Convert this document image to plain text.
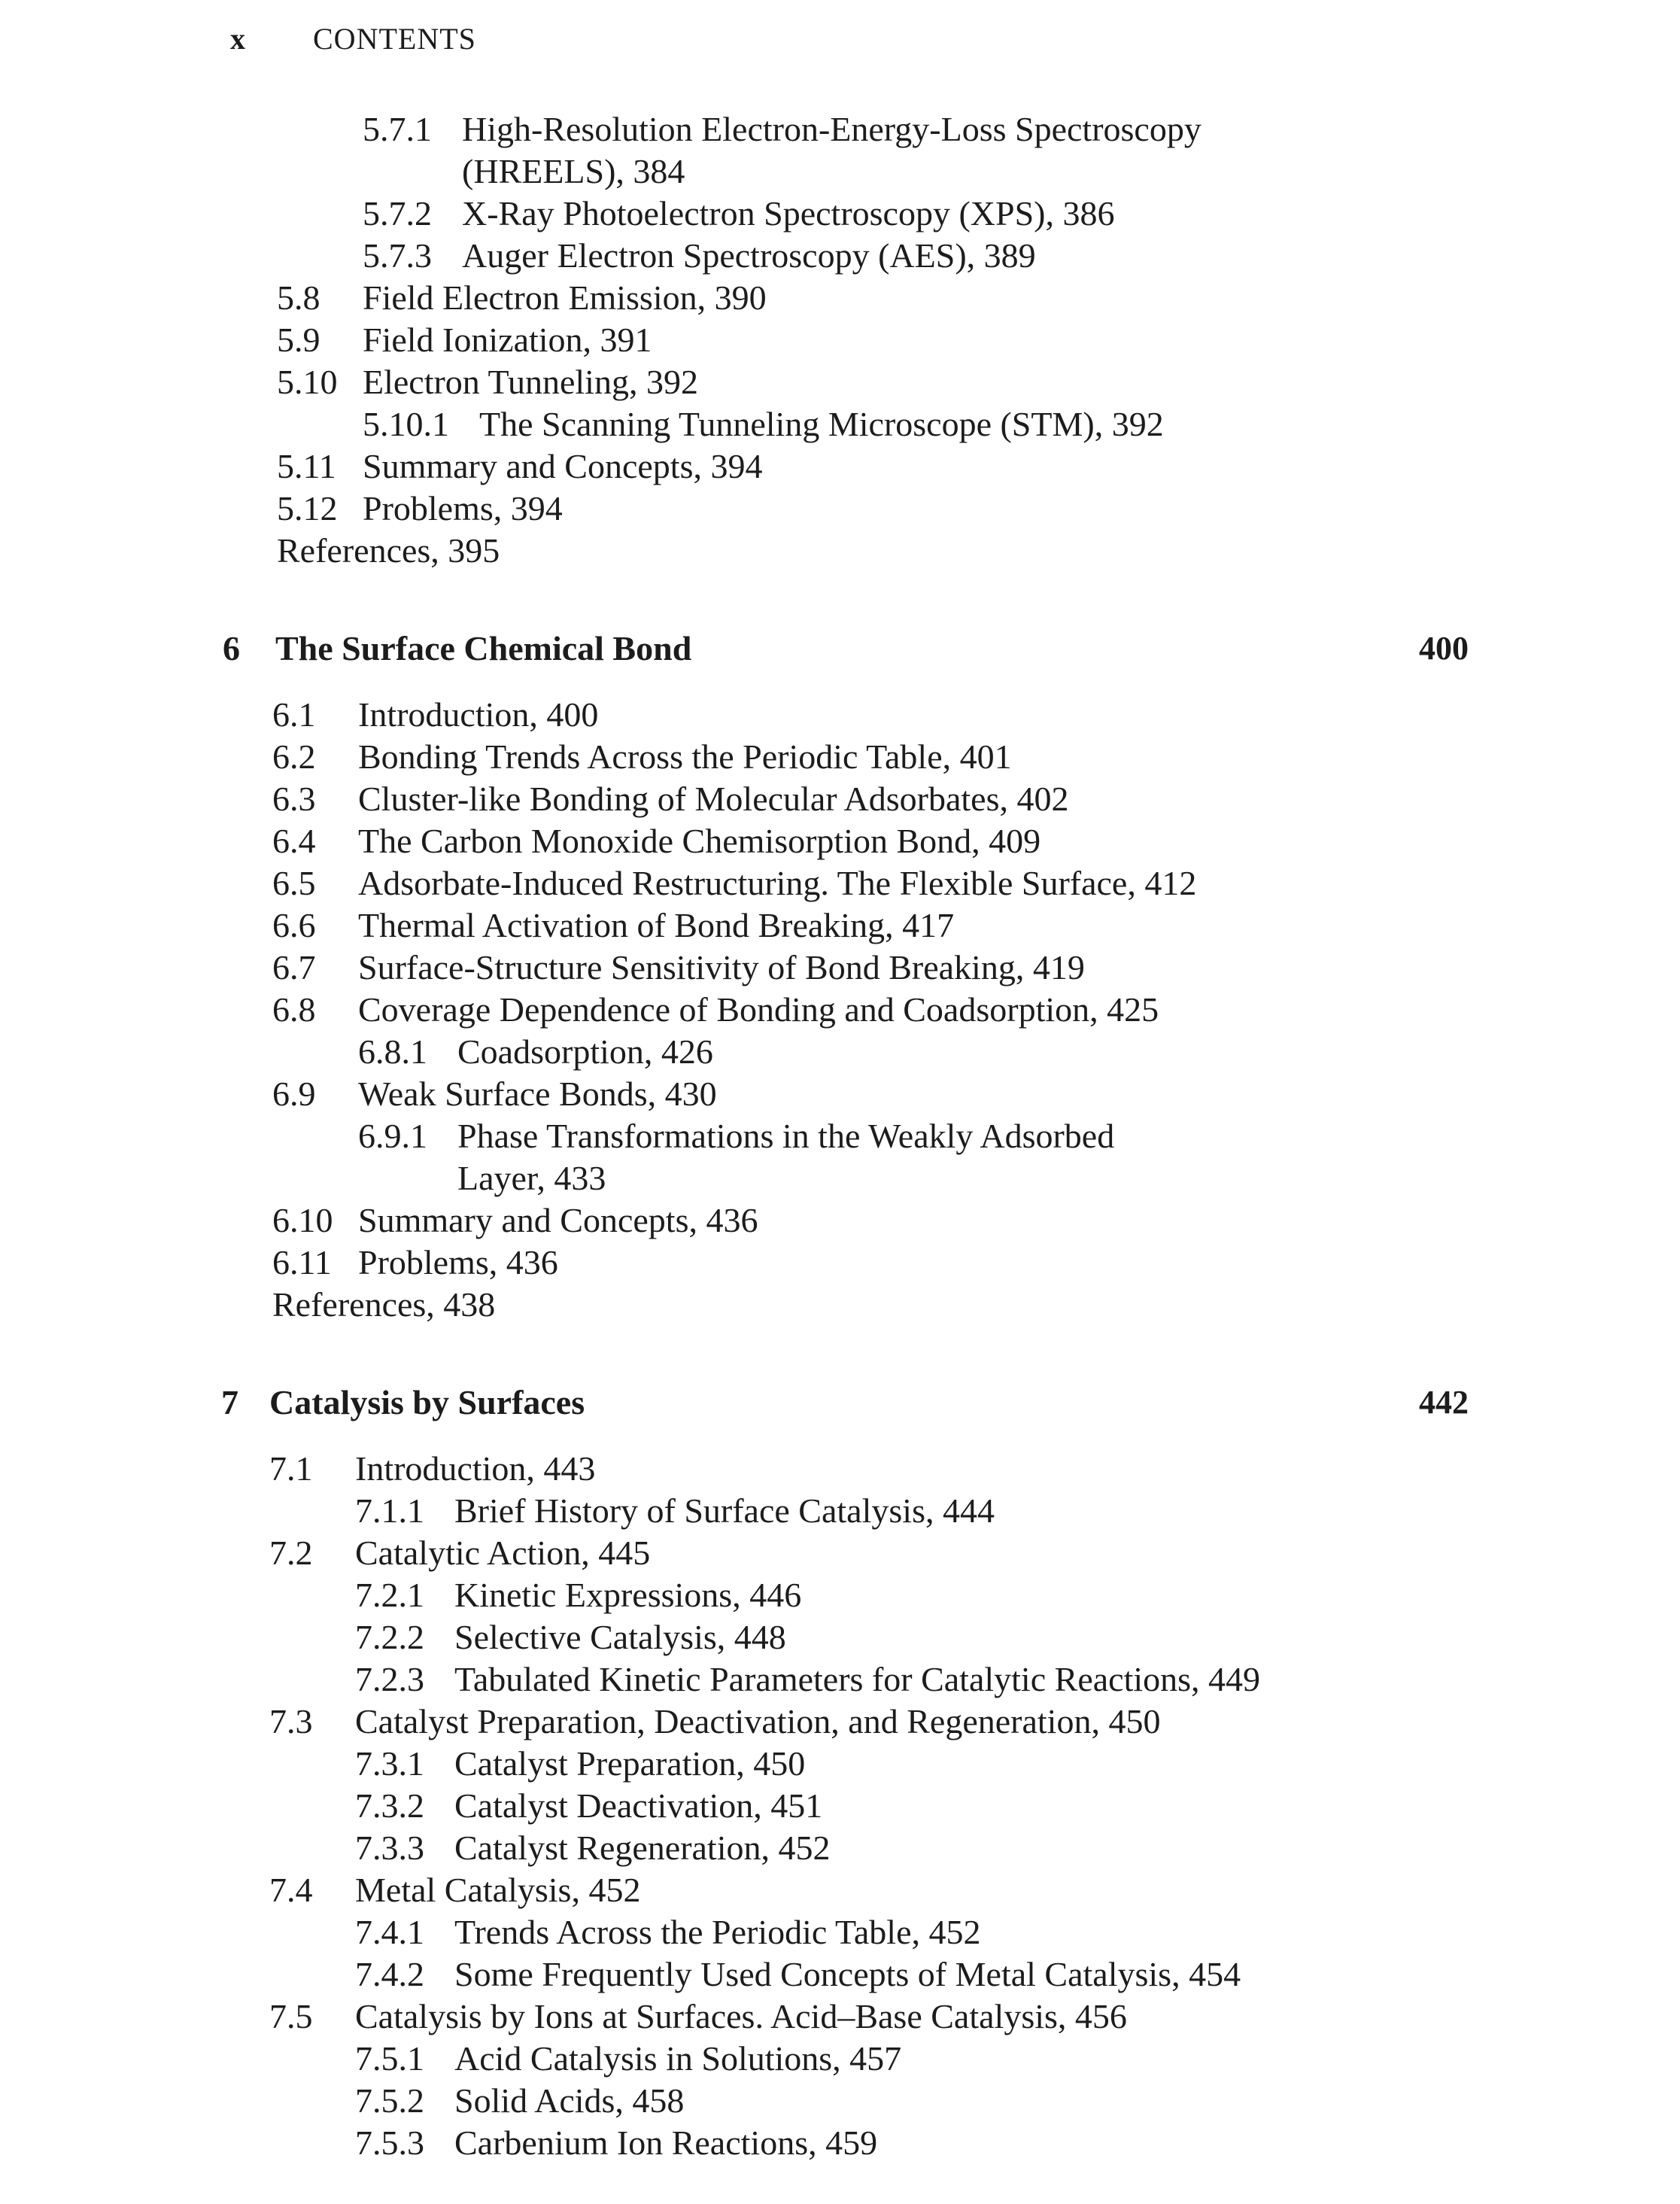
x CONTENTS
5.7.1 High-Resolution Electron-Energy-Loss Spectroscopy
(HREELS), 384
5.7.2 X-Ray Photoelectron Spectroscopy (XPS), 386
5.7.3 Auger Electron Spectroscopy (AES), 389
5.8 Field Electron Emission, 390
5.9 Field Ionization, 391
5.10 Electron Tunneling, 392
5.10.1 The Scanning Tunneling Microscope (STM), 392
5.11 Summary and Concepts, 394
5.12 Problems, 394
References, 395
6 The Surface Chemical Bond	400
6.1 Introduction, 400
6.2 Bonding Trends Across the Periodic Table, 401
6.3 Cluster-like Bonding of Molecular Adsorbates, 402
6.4 The Carbon Monoxide Chemisorption Bond, 409
6.5 Adsorbate-Induced Restructuring. The Flexible Surface, 412
6.6 Thermal Activation of Bond Breaking, 417
6.7 Surface-Structure Sensitivity of Bond Breaking, 419
6.8 Coverage Dependence of Bonding and Coadsorption, 425
6.8.1 Coadsorption, 426
6.9 Weak Surface Bonds, 430
6.9.1 Phase Transformations in the Weakly Adsorbed
Layer, 433
6.10 Summary and Concepts, 436
6.11 Problems, 436
References, 438
7 Catalysis by Surfaces	442
7.1 Introduction, 443
7.1.1 Brief History of Surface Catalysis, 444
7.2 Catalytic Action, 445
7.2.1 Kinetic Expressions, 446
7.2.2 Selective Catalysis, 448
7.2.3 Tabulated Kinetic Parameters for Catalytic Reactions, 449
7.3 Catalyst Preparation, Deactivation, and Regeneration, 450
7.3.1 Catalyst Preparation, 450
7.3.2 Catalyst Deactivation, 451
7.3.3 Catalyst Regeneration, 452
7.4 Metal Catalysis, 452
7.4.1 Trends Across the Periodic Table, 452
7.4.2 Some Frequently Used Concepts of Metal Catalysis, 454
7.5 Catalysis by Ions at Surfaces. Acid–Base Catalysis, 456
7.5.1 Acid Catalysis in Solutions, 457
7.5.2 Solid Acids, 458
7.5.3 Carbenium Ion Reactions, 459
